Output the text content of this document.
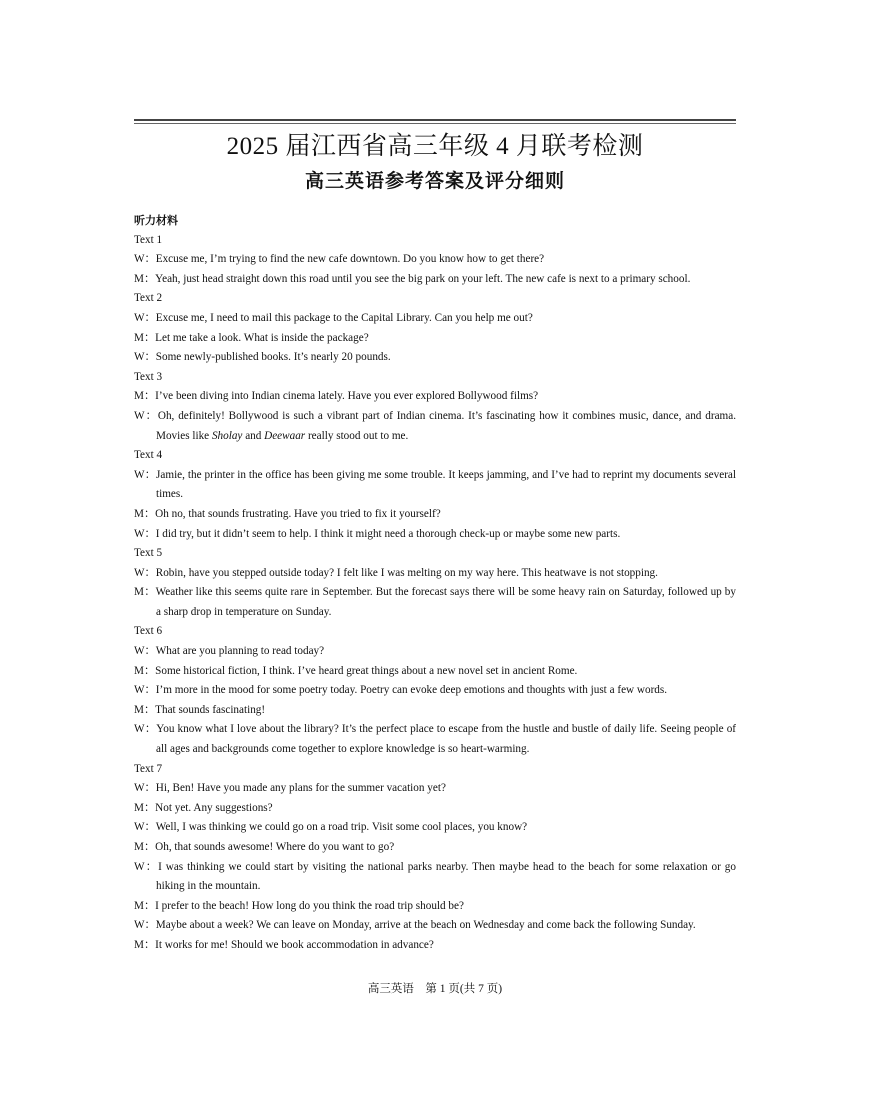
2025 届江西省高三年级 4 月联考检测
高三英语参考答案及评分细则
听力材料
Text 1
W：Excuse me, I’m trying to find the new cafe downtown. Do you know how to get there?
M：Yeah, just head straight down this road until you see the big park on your left. The new cafe is next to a primary school.
Text 2
W：Excuse me, I need to mail this package to the Capital Library. Can you help me out?
M：Let me take a look. What is inside the package?
W：Some newly-published books. It’s nearly 20 pounds.
Text 3
M：I’ve been diving into Indian cinema lately. Have you ever explored Bollywood films?
W：Oh, definitely! Bollywood is such a vibrant part of Indian cinema. It’s fascinating how it combines music, dance, and drama. Movies like Sholay and Deewaar really stood out to me.
Text 4
W：Jamie, the printer in the office has been giving me some trouble. It keeps jamming, and I’ve had to reprint my documents several times.
M：Oh no, that sounds frustrating. Have you tried to fix it yourself?
W：I did try, but it didn’t seem to help. I think it might need a thorough check-up or maybe some new parts.
Text 5
W：Robin, have you stepped outside today? I felt like I was melting on my way here. This heatwave is not stopping.
M：Weather like this seems quite rare in September. But the forecast says there will be some heavy rain on Saturday, followed up by a sharp drop in temperature on Sunday.
Text 6
W：What are you planning to read today?
M：Some historical fiction, I think. I’ve heard great things about a new novel set in ancient Rome.
W：I’m more in the mood for some poetry today. Poetry can evoke deep emotions and thoughts with just a few words.
M：That sounds fascinating!
W：You know what I love about the library? It’s the perfect place to escape from the hustle and bustle of daily life. Seeing people of all ages and backgrounds come together to explore knowledge is so heart-warming.
Text 7
W：Hi, Ben! Have you made any plans for the summer vacation yet?
M：Not yet. Any suggestions?
W：Well, I was thinking we could go on a road trip. Visit some cool places, you know?
M：Oh, that sounds awesome! Where do you want to go?
W：I was thinking we could start by visiting the national parks nearby. Then maybe head to the beach for some relaxation or go hiking in the mountain.
M：I prefer to the beach! How long do you think the road trip should be?
W：Maybe about a week? We can leave on Monday, arrive at the beach on Wednesday and come back the following Sunday.
M：It works for me! Should we book accommodation in advance?
高三英语　第 1 页(共 7 页)
